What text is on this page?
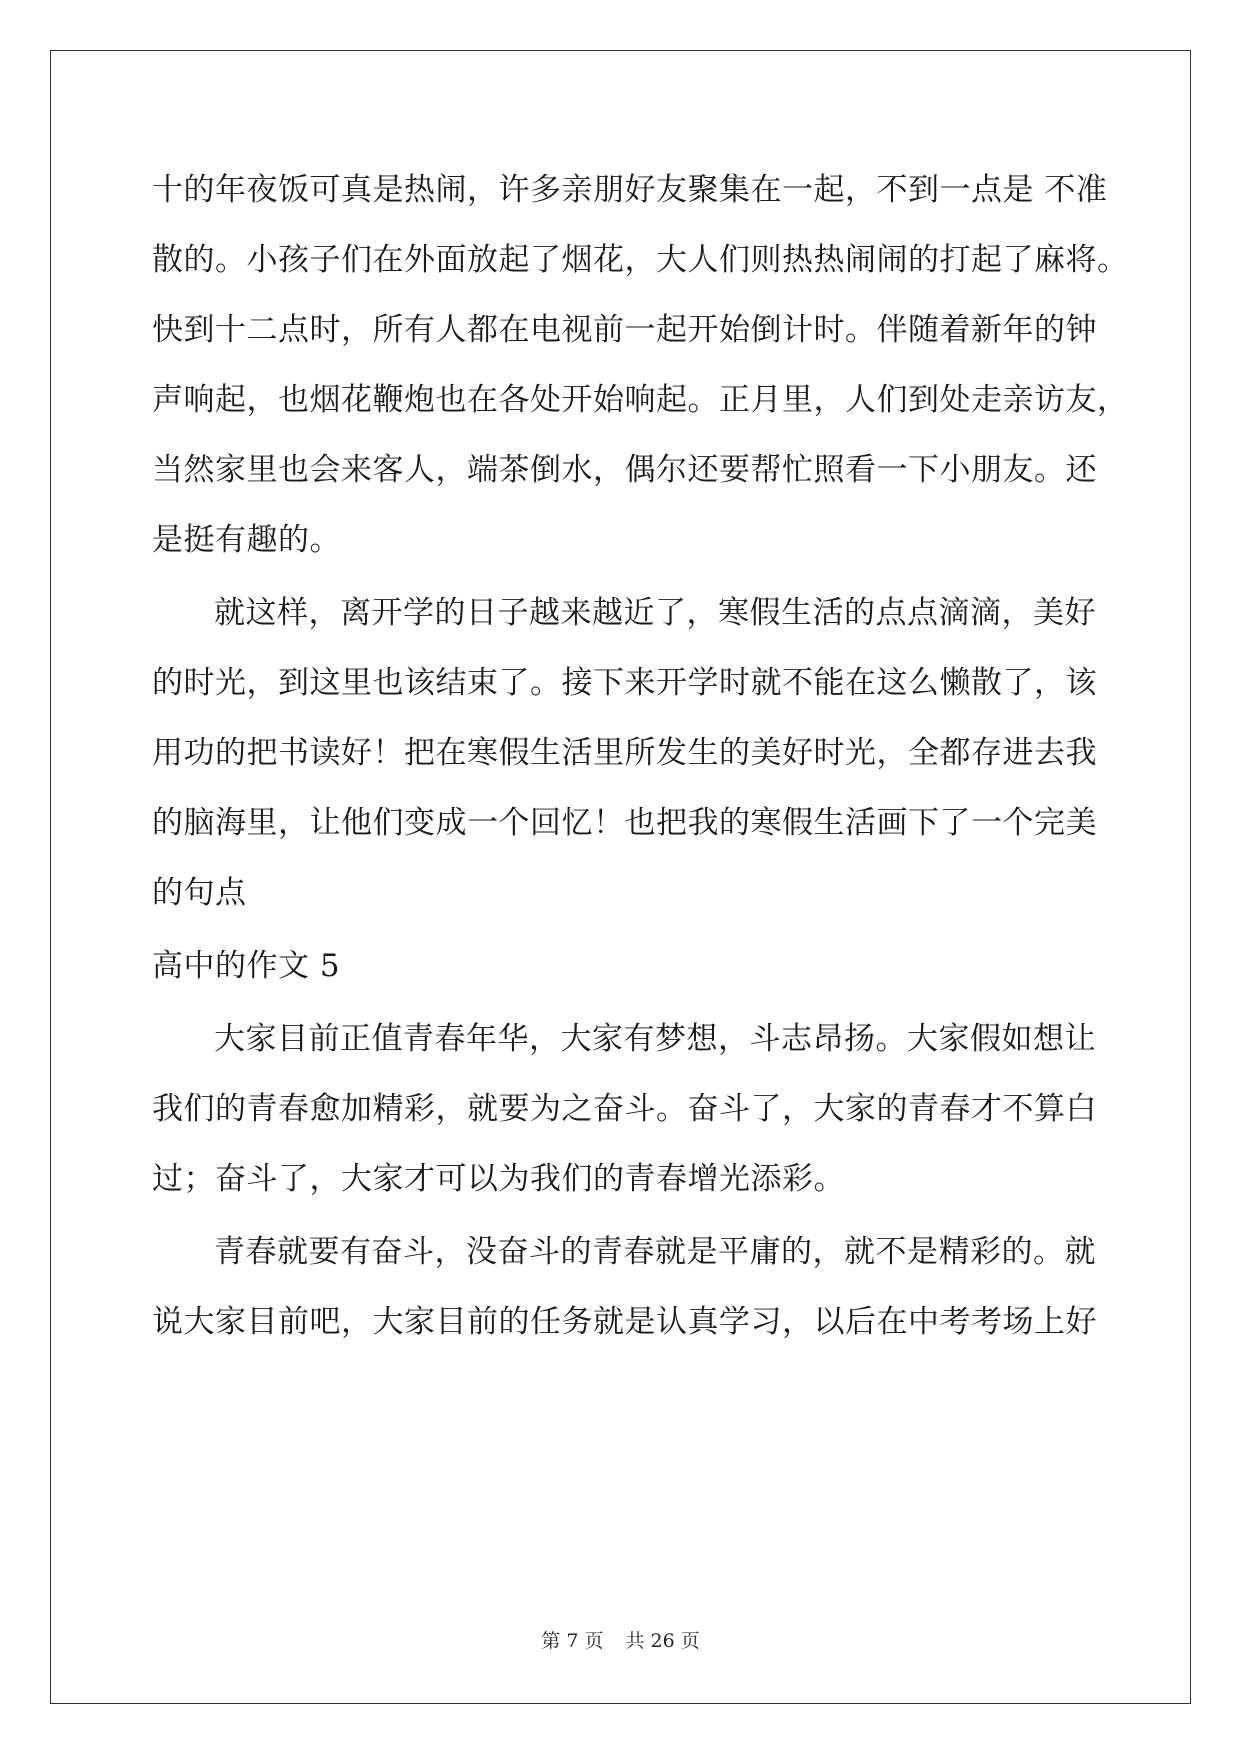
十的年夜饭可真是热闹，许多亲朋好友聚集在一起，不到一点是 不准
散的。小孩子们在外面放起了烟花，大人们则热热闹闹的打起了麻将。
快到十二点时，所有人都在电视前一起开始倒计时。伴随着新年的钟
声响起，也烟花鞭炮也在各处开始响起。正月里，人们到处走亲访友，
当然家里也会来客人，端茶倒水，偶尔还要帮忙照看一下小朋友。还
是挺有趣的。
就这样，离开学的日子越来越近了，寒假生活的点点滴滴，美好
的时光，到这里也该结束了。接下来开学时就不能在这么懒散了，该
用功的把书读好！把在寒假生活里所发生的美好时光，全都存进去我
的脑海里，让他们变成一个回忆！也把我的寒假生活画下了一个完美
的句点
高中的作文 5
大家目前正值青春年华，大家有梦想，斗志昂扬。大家假如想让
我们的青春愈加精彩，就要为之奋斗。奋斗了，大家的青春才不算白
过；奋斗了，大家才可以为我们的青春增光添彩。
青春就要有奋斗，没奋斗的青春就是平庸的，就不是精彩的。就
说大家目前吧，大家目前的任务就是认真学习，以后在中考考场上好
第 7 页 共 26 页
